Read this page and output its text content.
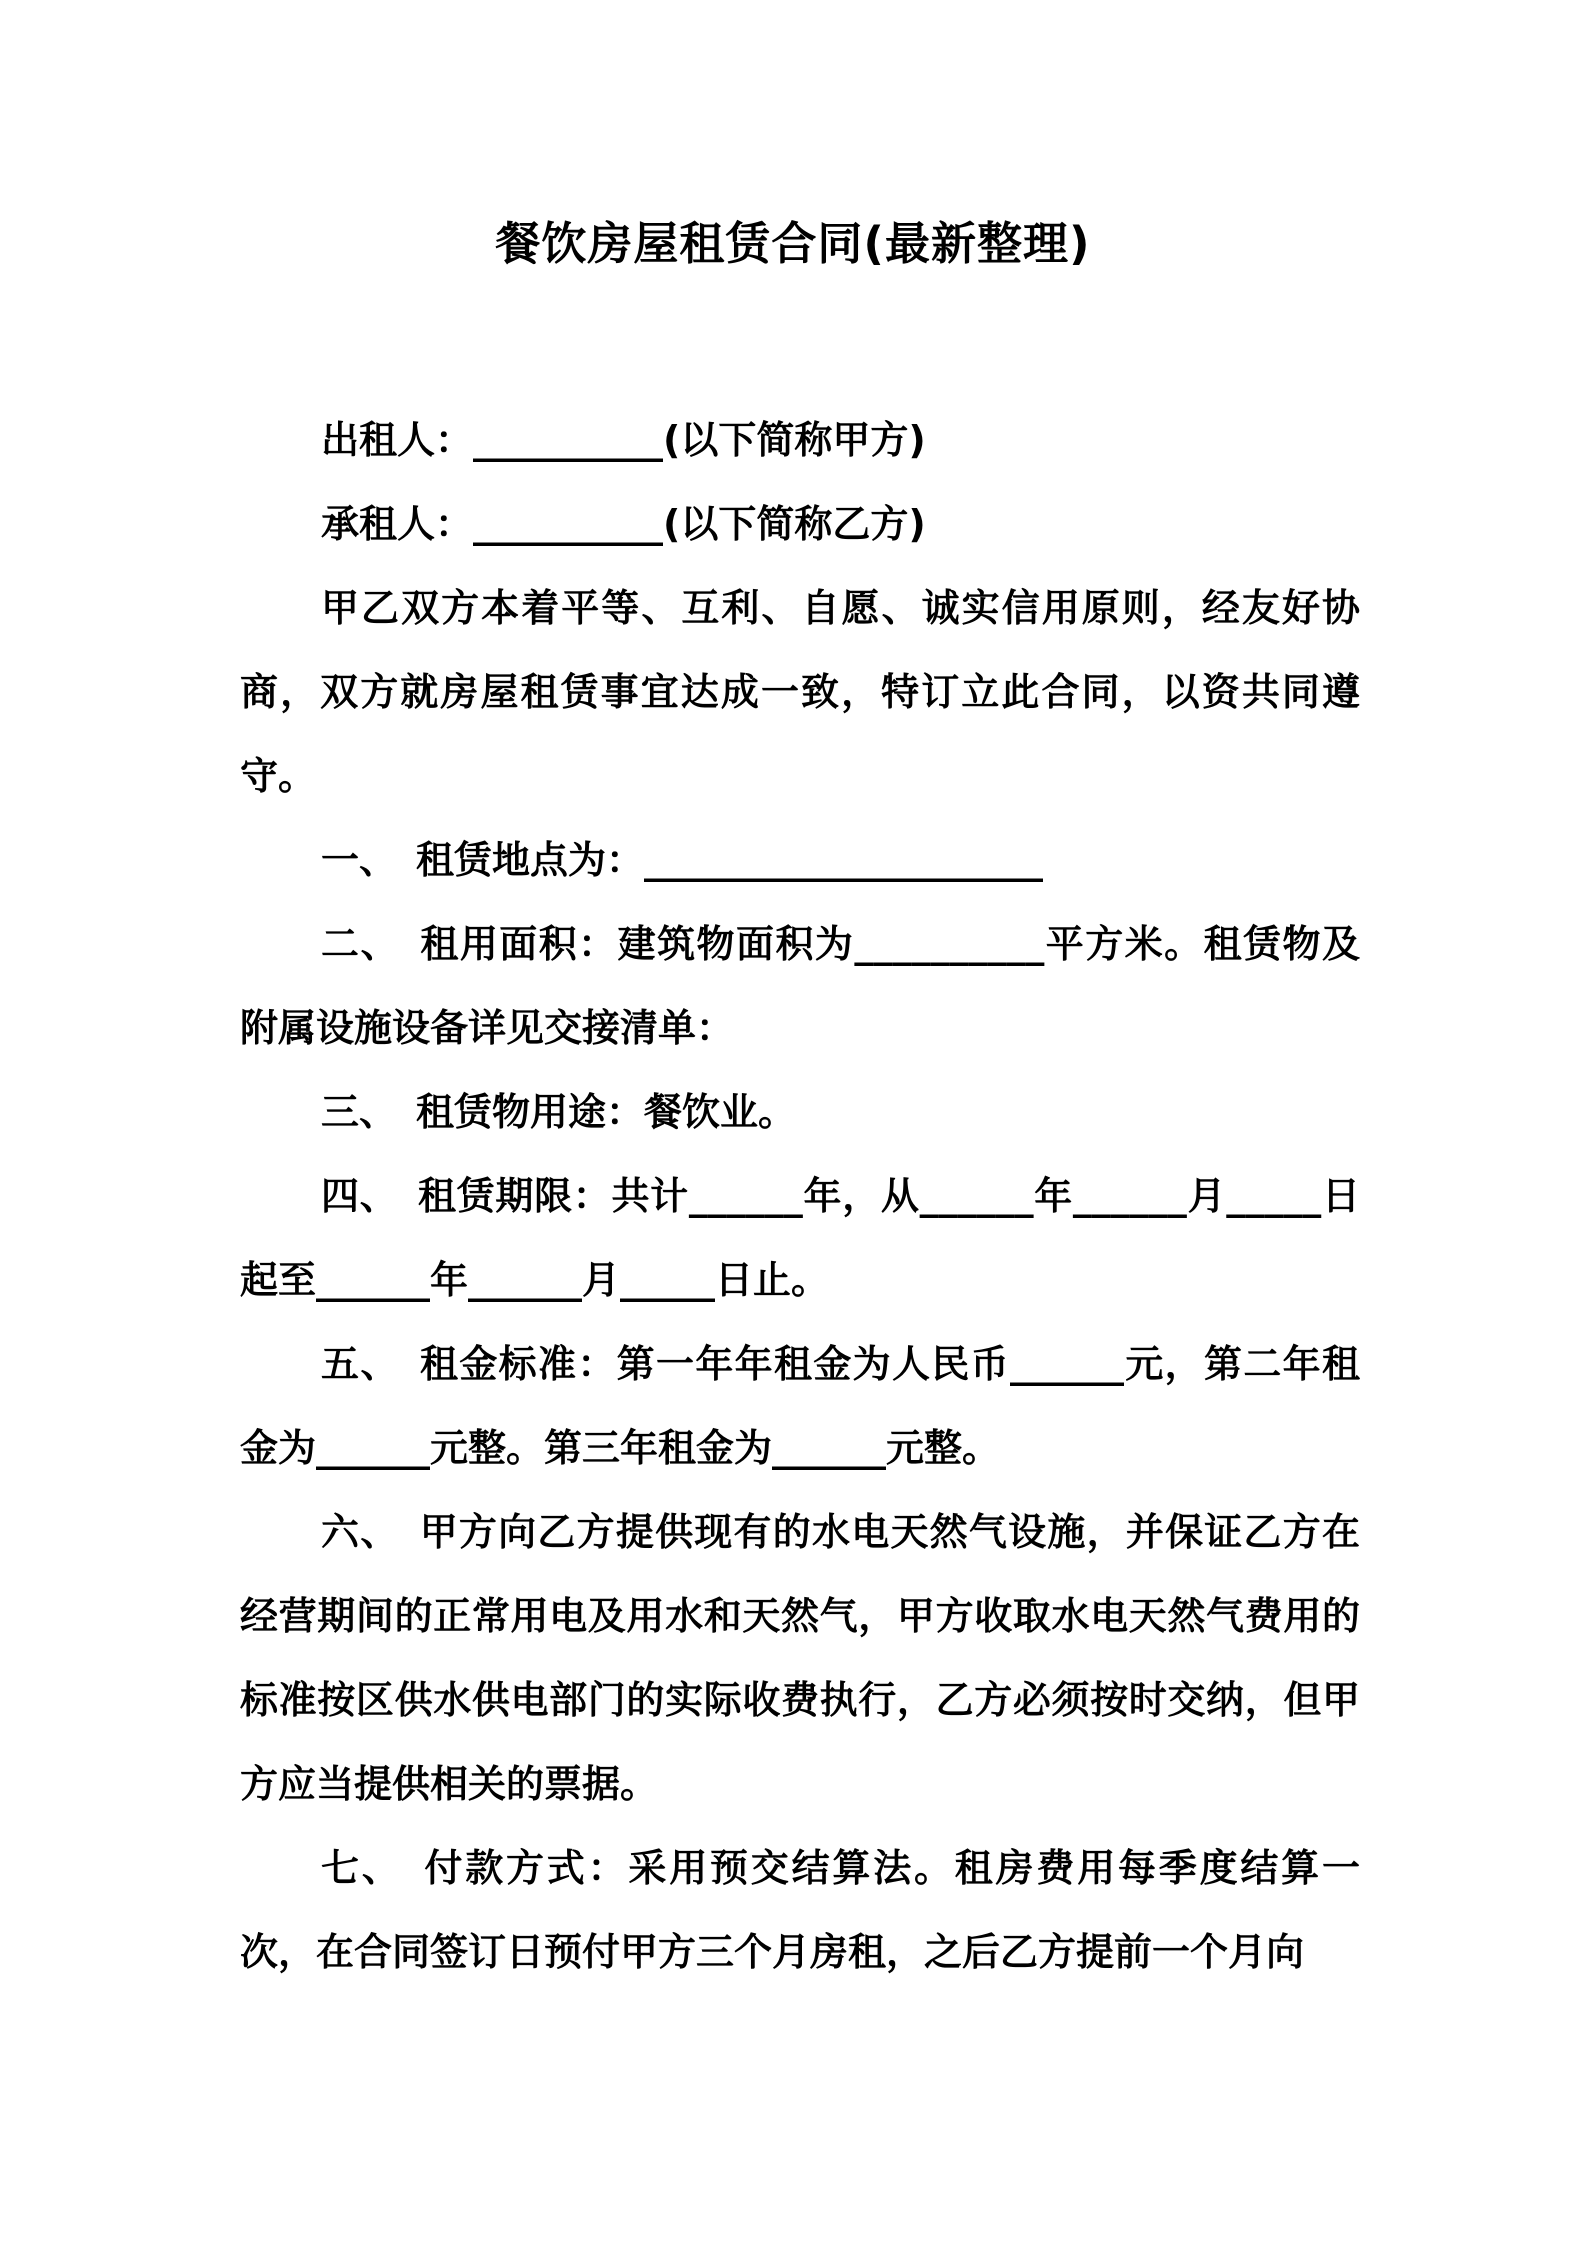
餐饮房屋租赁合同(最新整理)

出租人：__________(以下简称甲方)

承租人：__________(以下简称乙方)

甲乙双方本着平等、互利、自愿、诚实信用原则，经友好协商，双方就房屋租赁事宜达成一致，特订立此合同，以资共同遵守。

一、　租赁地点为：_____________________

二、　租用面积：建筑物面积为__________平方米。租赁物及附属设施设备详见交接清单：

三、　租赁物用途：餐饮业。

四、　租赁期限：共计______年，从______年______月_____日起至______年______月_____日止。

五、　租金标准：第一年年租金为人民币______元，第二年租金为______元整。第三年租金为______元整。

六、　甲方向乙方提供现有的水电天然气设施，并保证乙方在经营期间的正常用电及用水和天然气，甲方收取水电天然气费用的标准按区供水供电部门的实际收费执行，乙方必须按时交纳，但甲方应当提供相关的票据。

七、　付款方式：采用预交结算法。租房费用每季度结算一次，在合同签订日预付甲方三个月房租，之后乙方提前一个月向
